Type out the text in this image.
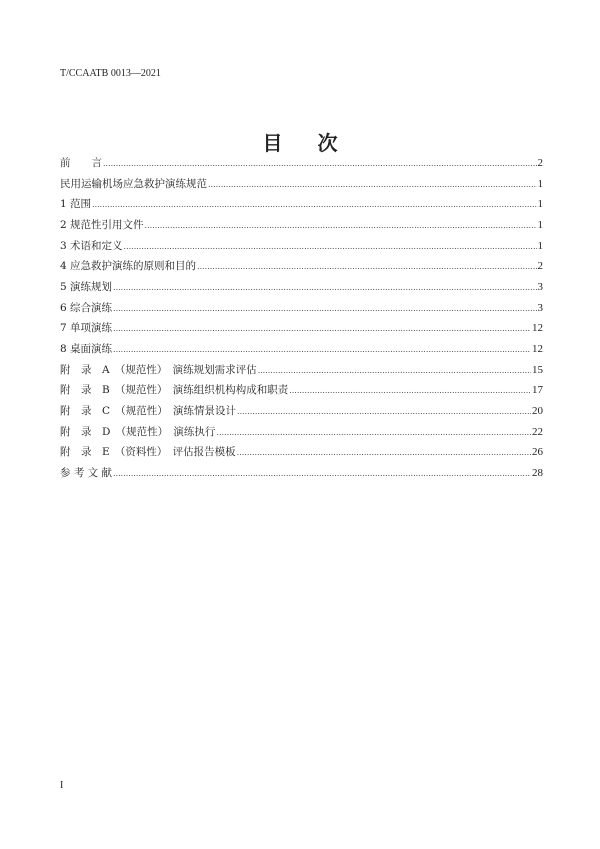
T/CCAATB 0013—2021
目 次
前　　言 .....	2
民用运输机场应急救护演练规范 .....	1
1 范围 .....	1
2 规范性引用文件 .....	1
3 术语和定义 .....	1
4 应急救护演练的原则和目的 .....	2
5 演练规划 .....	3
6 综合演练 .....	3
7 单项演练 .....	12
8 桌面演练 .....	12
附　录　A　（规范性）　演练规划需求评估 .....	15
附　录　B　（规范性）　演练组织机构构成和职责 .....	17
附　录　C　（规范性）　演练情景设计 .....	20
附　录　D　（规范性）　演练执行 .....	22
附　录　E　（资料性）　评估报告模板 .....	26
参 考 文 献 .....	28
I
